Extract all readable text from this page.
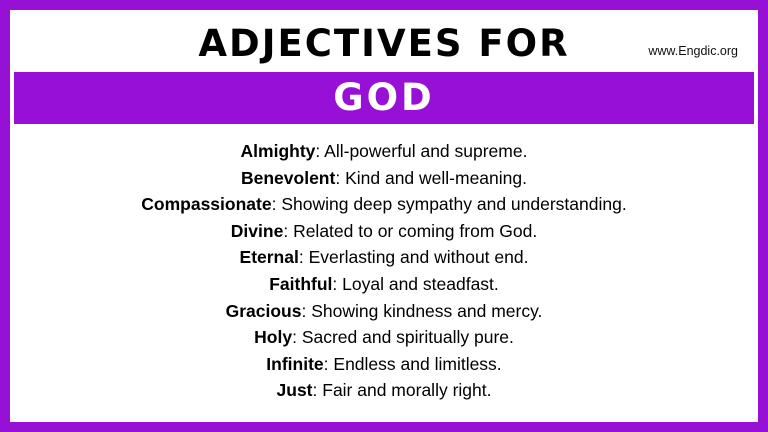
ADJECTIVES FOR	www.Engdic.org
GOD
Almighty: All-powerful and supreme.
Benevolent: Kind and well-meaning.
Compassionate: Showing deep sympathy and understanding.
Divine: Related to or coming from God.
Eternal: Everlasting and without end.
Faithful: Loyal and steadfast.
Gracious: Showing kindness and mercy.
Holy: Sacred and spiritually pure.
Infinite: Endless and limitless.
Just: Fair and morally right.
